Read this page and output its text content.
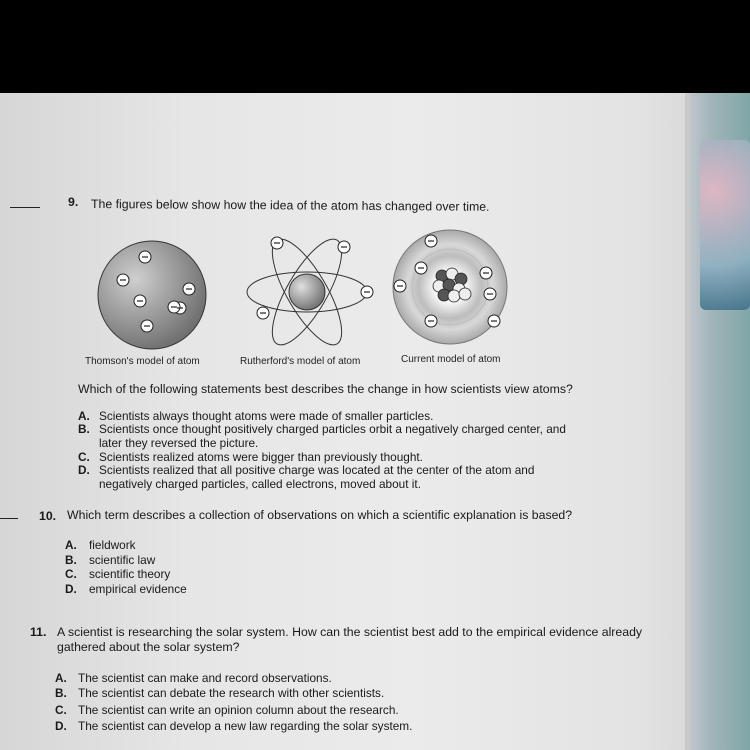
9. The figures below show how the idea of the atom has changed over time.
Thomson's model of atom	Rutherford's model of atom	Current model of atom
Which of the following statements best describes the change in how scientists view atoms?
A. Scientists always thought atoms were made of smaller particles.
B. Scientists once thought positively charged particles orbit a negatively charged center, and
later they reversed the picture.
C. Scientists realized atoms were bigger than previously thought.
D. Scientists realized that all positive charge was located at the center of the atom and
negatively charged particles, called electrons, moved about it.
10. Which term describes a collection of observations on which a scientific explanation is based?
A. fieldwork
B. scientific law
C. scientific theory
D. empirical evidence
11. A scientist is researching the solar system. How can the scientist best add to the empirical evidence already
gathered about the solar system?
A. The scientist can make and record observations.
B. The scientist can debate the research with other scientists.
C. The scientist can write an opinion column about the research.
D. The scientist can develop a new law regarding the solar system.
